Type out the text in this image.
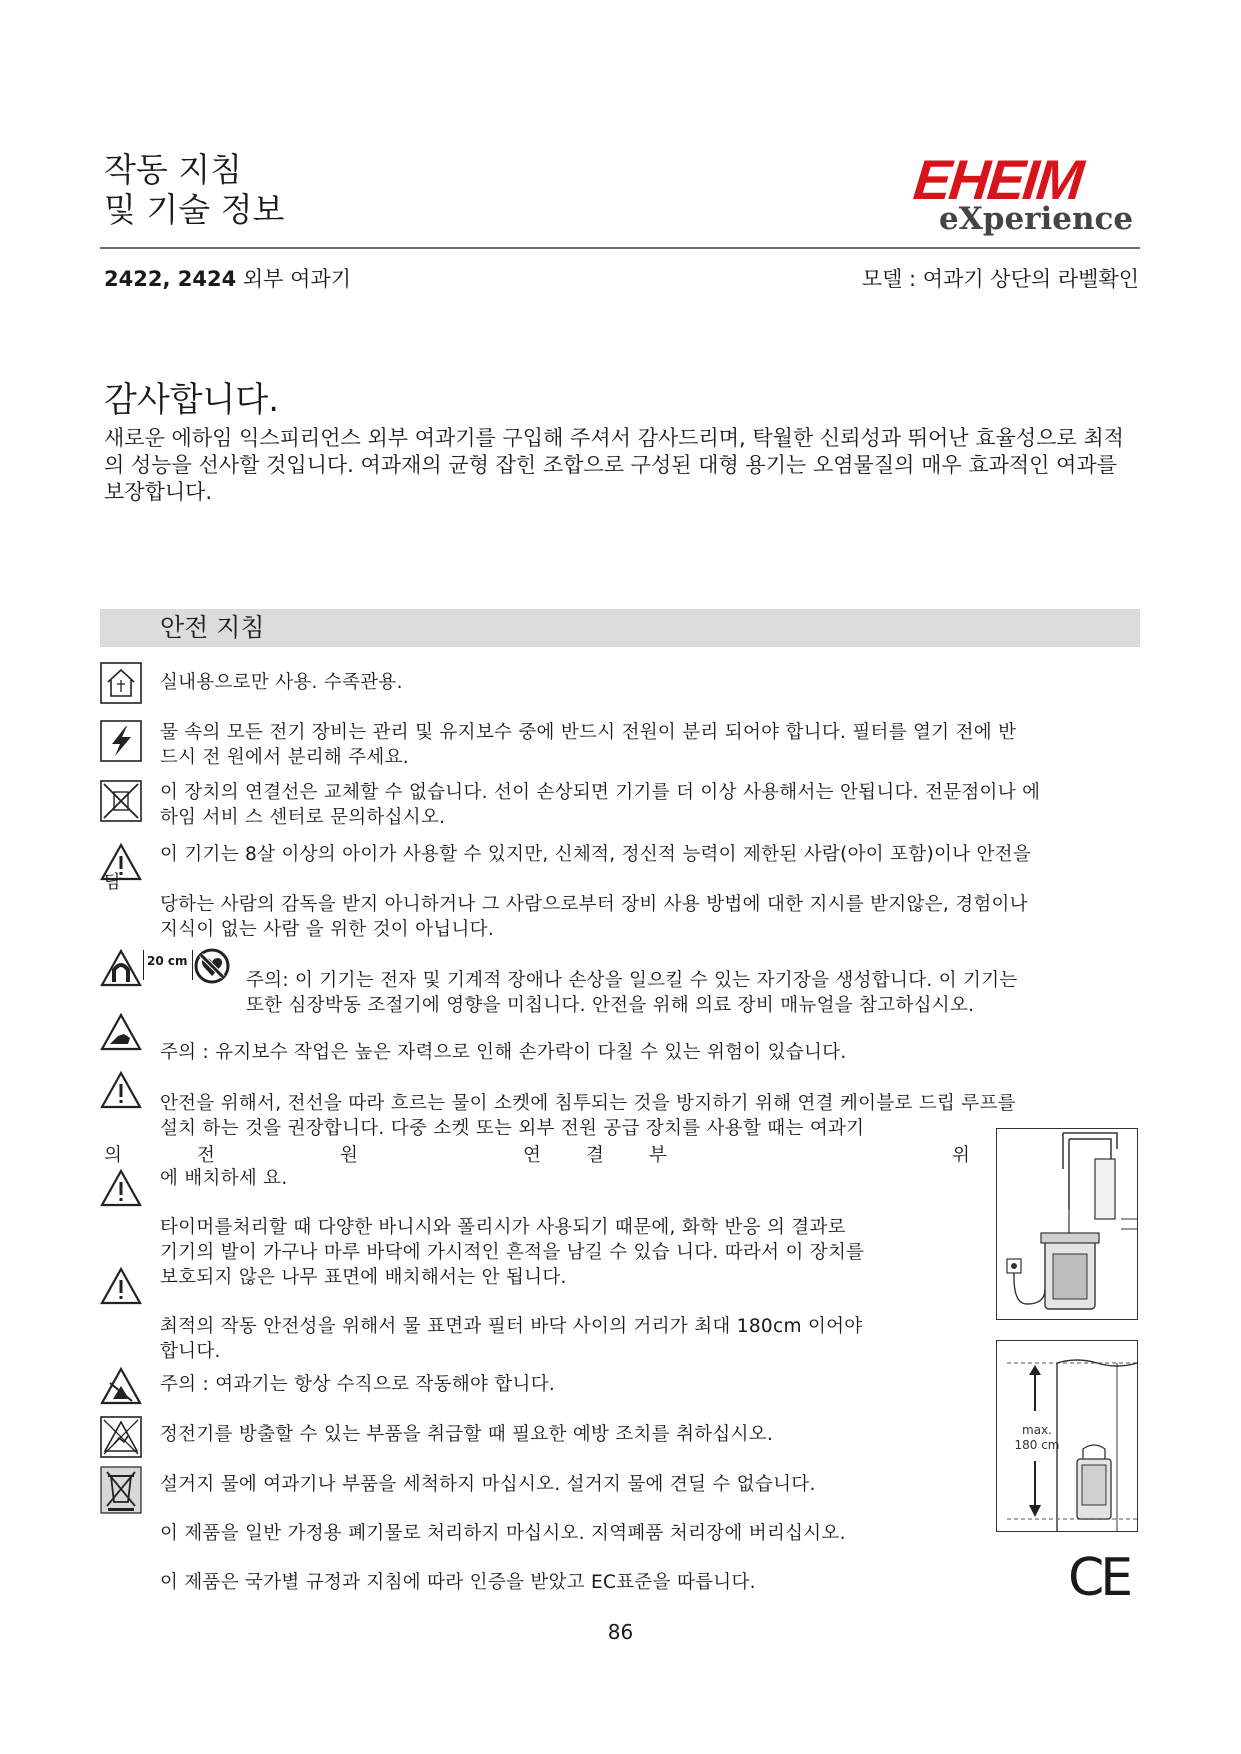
작동 지침
및 기술 정보	EHEIM
eXperience
2422, 2424 외부 여과기	모델 : 여과기 상단의 라벨확인
감사합니다.
새로운 에하임 익스피리언스 외부 여과기를 구입해 주셔서 감사드리며, 탁월한 신뢰성과 뛰어난 효율성으로 최적의 성능을 선사할 것입니다. 여과재의 균형 잡힌 조합으로 구성된 대형 용기는 오염물질의 매우 효과적인 여과를 보장합니다.
안전 지침
실내용으로만 사용. 수족관용.
물 속의 모든 전기 장비는 관리 및 유지보수 중에 반드시 전원이 분리 되어야 합니다. 필터를 열기 전에 반
드시 전 원에서 분리해 주세요.
이 장치의 연결선은 교체할 수 없습니다. 선이 손상되면 기기를 더 이상 사용해서는 안됩니다. 전문점이나 에
하임 서비 스 센터로 문의하십시오.
이 기기는 8살 이상의 아이가 사용할 수 있지만, 신체적, 정신적 능력이 제한된 사람(아이 포함)이나 안전을
담
당하는 사람의 감독을 받지 아니하거나 그 사람으로부터 장비 사용 방법에 대한 지시를 받지않은, 경험이나
지식이 없는 사람 을 위한 것이 아닙니다.
20 cm
주의: 이 기기는 전자 및 기계적 장애나 손상을 일으킬 수 있는 자기장을 생성합니다. 이 기기는
또한 심장박동 조절기에 영향을 미칩니다. 안전을 위해 의료 장비 매뉴얼을 참고하십시오.
주의 : 유지보수 작업은 높은 자력으로 인해 손가락이 다칠 수 있는 위험이 있습니다.
안전을 위해서, 전선을 따라 흐르는 물이 소켓에 침투되는 것을 방지하기 위해 연결 케이블로 드립 루프를
설치 하는 것을 권장합니다. 다중 소켓 또는 외부 전원 공급 장치를 사용할 때는 여과기
의	전	원	연	결	부	위
에 배치하세 요.
타이머를처리할 때 다양한 바니시와 폴리시가 사용되기 때문에, 화학 반응 의 결과로
기기의 발이 가구나 마루 바닥에 가시적인 흔적을 남길 수 있습 니다. 따라서 이 장치를
보호되지 않은 나무 표면에 배치해서는 안 됩니다.
최적의 작동 안전성을 위해서 물 표면과 필터 바닥 사이의 거리가 최대 180cm 이어야
합니다.
주의 : 여과기는 항상 수직으로 작동해야 합니다.
정전기를 방출할 수 있는 부품을 취급할 때 필요한 예방 조치를 취하십시오.
설거지 물에 여과기나 부품을 세척하지 마십시오. 설거지 물에 견딜 수 없습니다.
이 제품을 일반 가정용 폐기물로 처리하지 마십시오. 지역폐품 처리장에 버리십시오.
이 제품은 국가별 규정과 지침에 따라 인증을 받았고 EC표준을 따릅니다.
max.
180 cm
CE
86
